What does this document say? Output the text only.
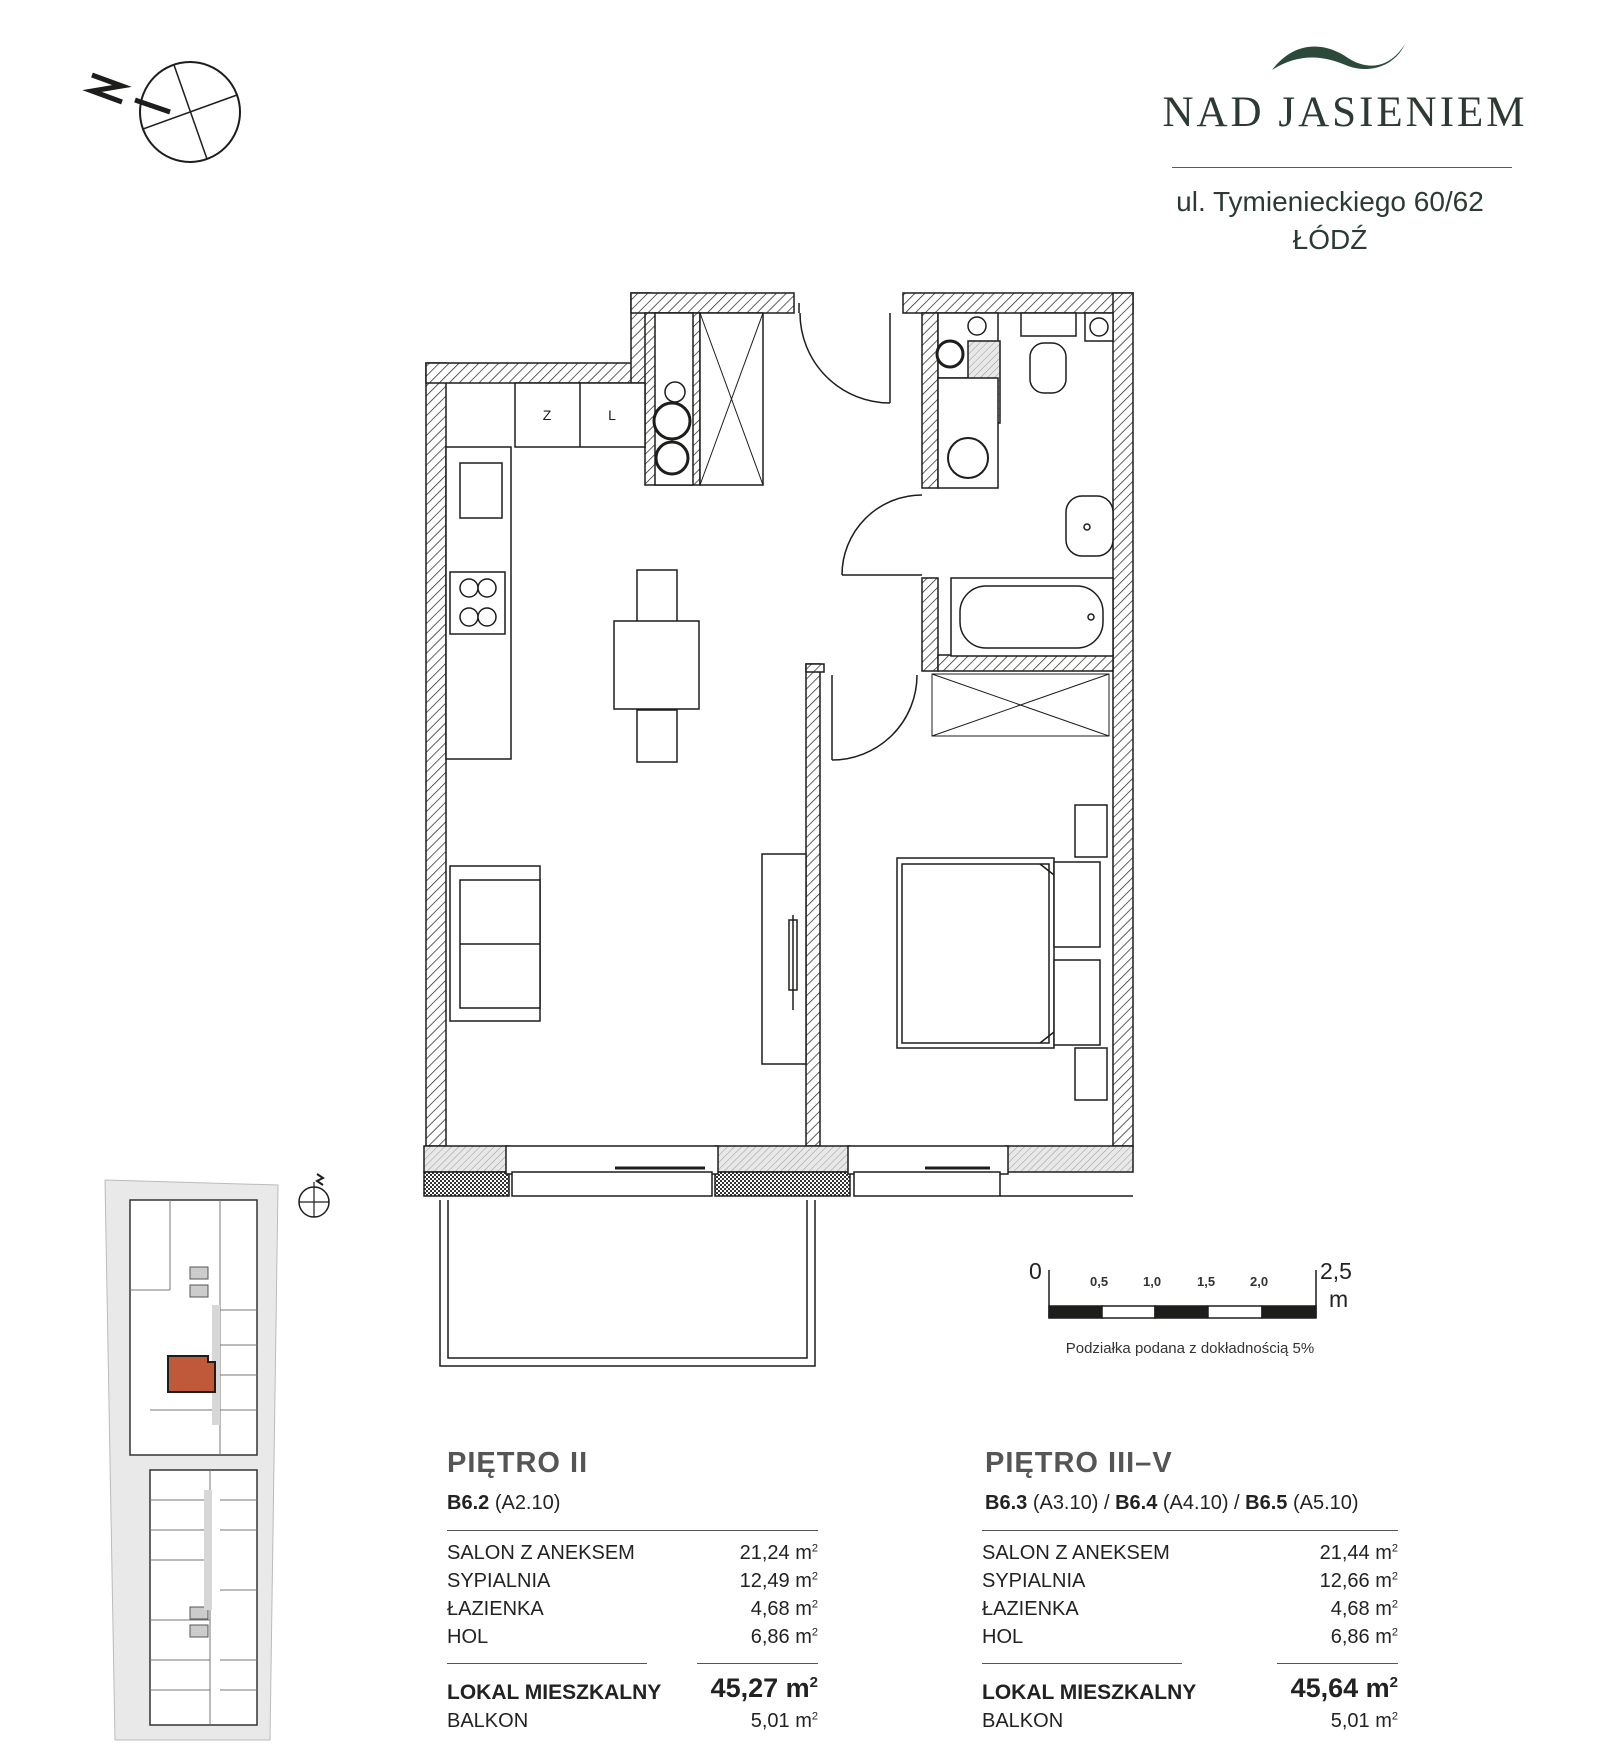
NAD JASIENIEM
ul. Tymienieckiego 60/62
ŁÓDŹ
Z	L
0	0,5	1,0	1,5	2,0 2,5
m
Podziałka podana z dokładnością 5%
PIĘTRO II
B6.2 (A2.10)
SALON Z ANEKSEM	21,24 $m^2$
SYPIALNIA	12,49 $m^2$
ŁAZIENKA	4,68 $m^2$
HOL	6,86 $m^2$
LOKAL MIESZKALNY	45,27 $m^2$
BALKON	5,01 $m^2$
PIĘTRO III–V
B6.3 (A3.10) / B6.4 (A4.10) / B6.5 (A5.10)
SALON Z ANEKSEM	21,44 $m^2$
SYPIALNIA	12,66 $m^2$
ŁAZIENKA	4,68 $m^2$
HOL	6,86 $m^2$
LOKAL MIESZKALNY	45,64 $m^2$
BALKON	5,01 $m^2$
